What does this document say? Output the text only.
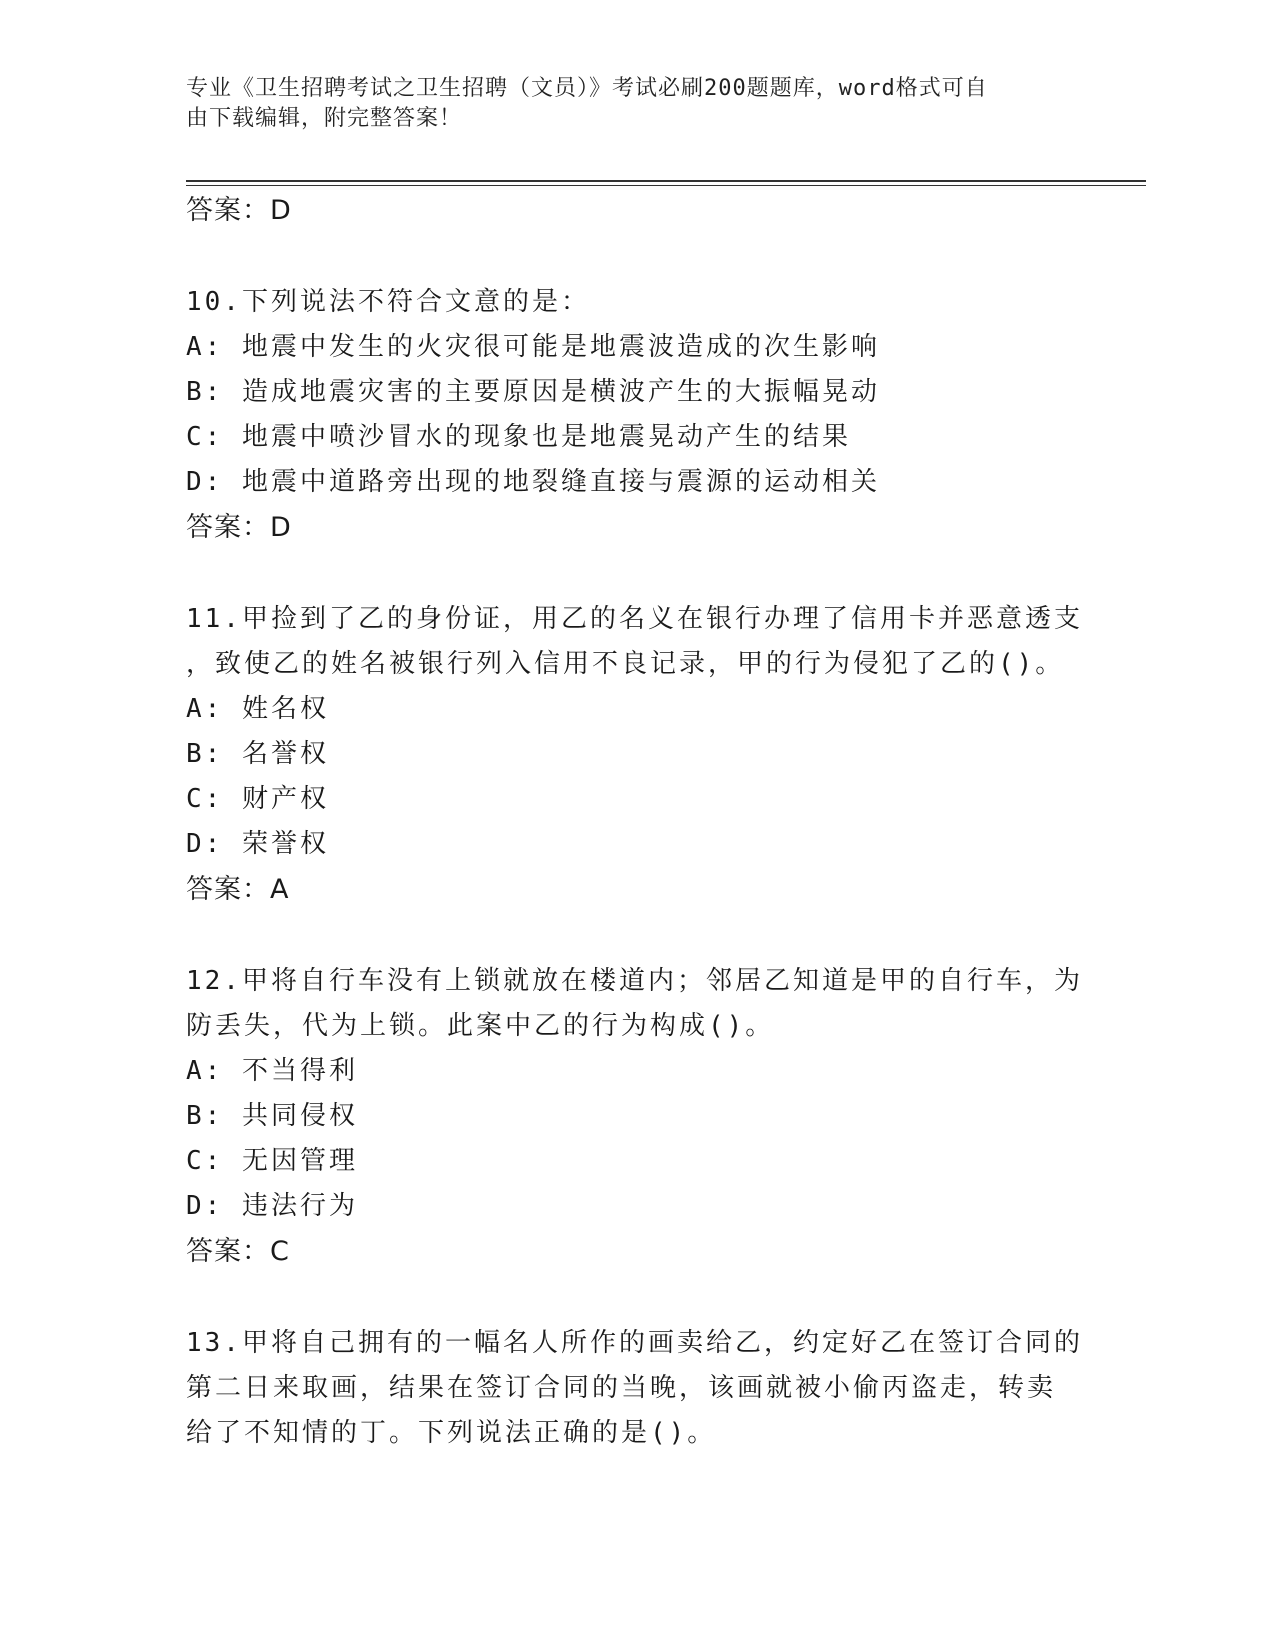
专业《卫生招聘考试之卫生招聘（文员）》考试必刷200题题库，word格式可自
由下载编辑，附完整答案！

答案：D

10.下列说法不符合文意的是：

A: 地震中发生的火灾很可能是地震波造成的次生影响

B: 造成地震灾害的主要原因是横波产生的大振幅晃动

C: 地震中喷沙冒水的现象也是地震晃动产生的结果

D: 地震中道路旁出现的地裂缝直接与震源的运动相关

答案：D

11.甲捡到了乙的身份证，用乙的名义在银行办理了信用卡并恶意透支

，致使乙的姓名被银行列入信用不良记录，甲的行为侵犯了乙的()。

A: 姓名权

B: 名誉权

C: 财产权

D: 荣誉权

答案：A

12.甲将自行车没有上锁就放在楼道内；邻居乙知道是甲的自行车，为

防丢失，代为上锁。此案中乙的行为构成()。

A: 不当得利

B: 共同侵权

C: 无因管理

D: 违法行为

答案：C

13.甲将自己拥有的一幅名人所作的画卖给乙，约定好乙在签订合同的

第二日来取画，结果在签订合同的当晚，该画就被小偷丙盗走，转卖

给了不知情的丁。下列说法正确的是()。
